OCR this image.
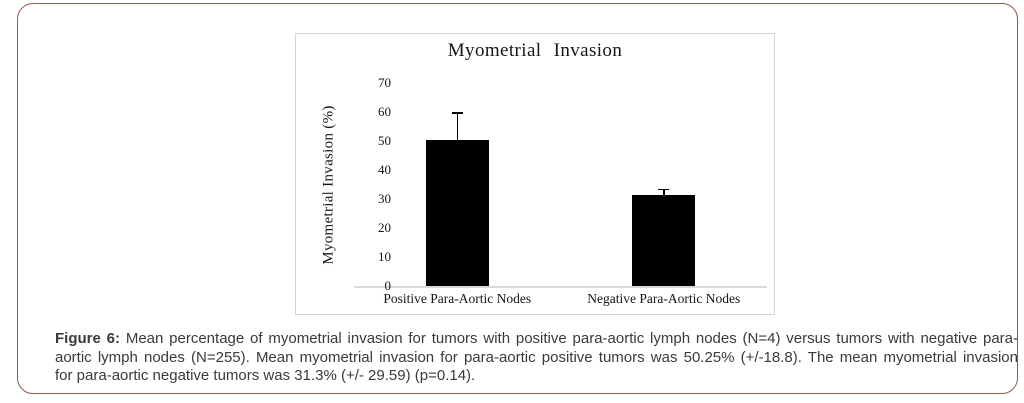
Myometrial Invasion
Myometrial Invasion (%)
0
10
20
30
40
50
60
70
Positive Para-Aortic Nodes	Negative Para-Aortic Nodes
Figure 6: Mean percentage of myometrial invasion for tumors with positive para-aortic lymph nodes (N=4) versus tumors with negative para-
aortic lymph nodes (N=255). Mean myometrial invasion for para-aortic positive tumors was 50.25% (+/-18.8). The mean myometrial invasion
for para-aortic negative tumors was 31.3% (+/- 29.59) (p=0.14).
